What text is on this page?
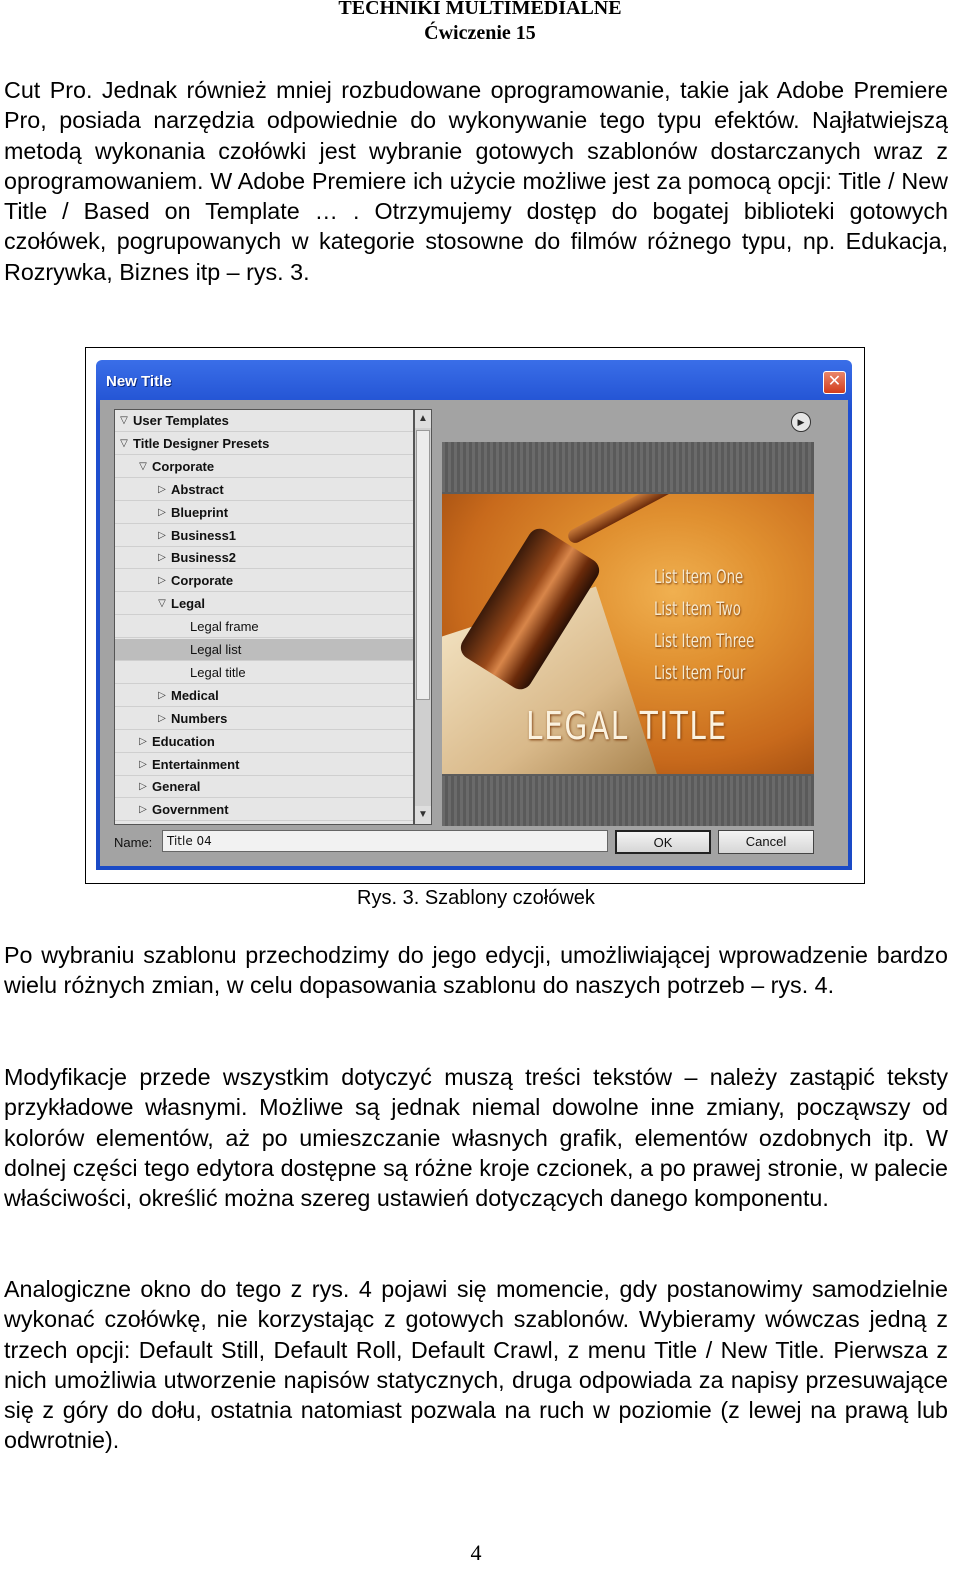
TECHNIKI MULTIMEDIALNE
Ćwiczenie 15

Cut Pro. Jednak również mniej rozbudowane oprogramowanie, takie jak Adobe Premiere Pro, posiada narzędzia odpowiednie do wykonywanie tego typu efektów. Najłatwiejszą metodą wykonania czołówki jest wybranie gotowych szablonów dostarczanych wraz z oprogramowaniem. W Adobe Premiere ich użycie możliwe jest za pomocą opcji: Title / New Title / Based on Template … . Otrzymujemy dostęp do bogatej biblioteki gotowych czołówek, pogrupowanych w kategorie stosowne do filmów różnego typu, np. Edukacja, Rozrywka, Biznes itp – rys. 3.

New Title	✕
▽ User Templates
▽ Title Designer Presets
▽ Corporate
▷ Abstract
▷ Blueprint
▷ Business1
▷ Business2
▷ Corporate
▽ Legal
Legal frame
Legal list
Legal title
▷ Medical
▷ Numbers
▷ Education
▷ Entertainment
▷ General
▷ Government
▲
▼
▶
List Item One
List Item Two
List Item Three
List Item Four
LEGAL TITLE
Name:	Title 04	OK	Cancel
Rys. 3. Szablony czołówek

Po wybraniu szablonu przechodzimy do jego edycji, umożliwiającej wprowadzenie bardzo wielu różnych zmian, w celu dopasowania szablonu do naszych potrzeb – rys. 4.

Modyfikacje przede wszystkim dotyczyć muszą treści tekstów – należy zastąpić teksty przykładowe własnymi. Możliwe są jednak niemal dowolne inne zmiany, począwszy od kolorów elementów, aż po umieszczanie własnych grafik, elementów ozdobnych itp. W dolnej części tego edytora dostępne są różne kroje czcionek, a po prawej stronie, w palecie właściwości, określić można szereg ustawień dotyczących danego komponentu.

Analogiczne okno do tego z rys. 4 pojawi się momencie, gdy postanowimy samodzielnie wykonać czołówkę, nie korzystając z gotowych szablonów. Wybieramy wówczas jedną z trzech opcji: Default Still, Default Roll, Default Crawl, z menu Title / New Title. Pierwsza z nich umożliwia utworzenie napisów statycznych, druga odpowiada za napisy przesuwające się z góry do dołu, ostatnia natomiast pozwala na ruch w poziomie (z lewej na prawą lub odwrotnie).

4
